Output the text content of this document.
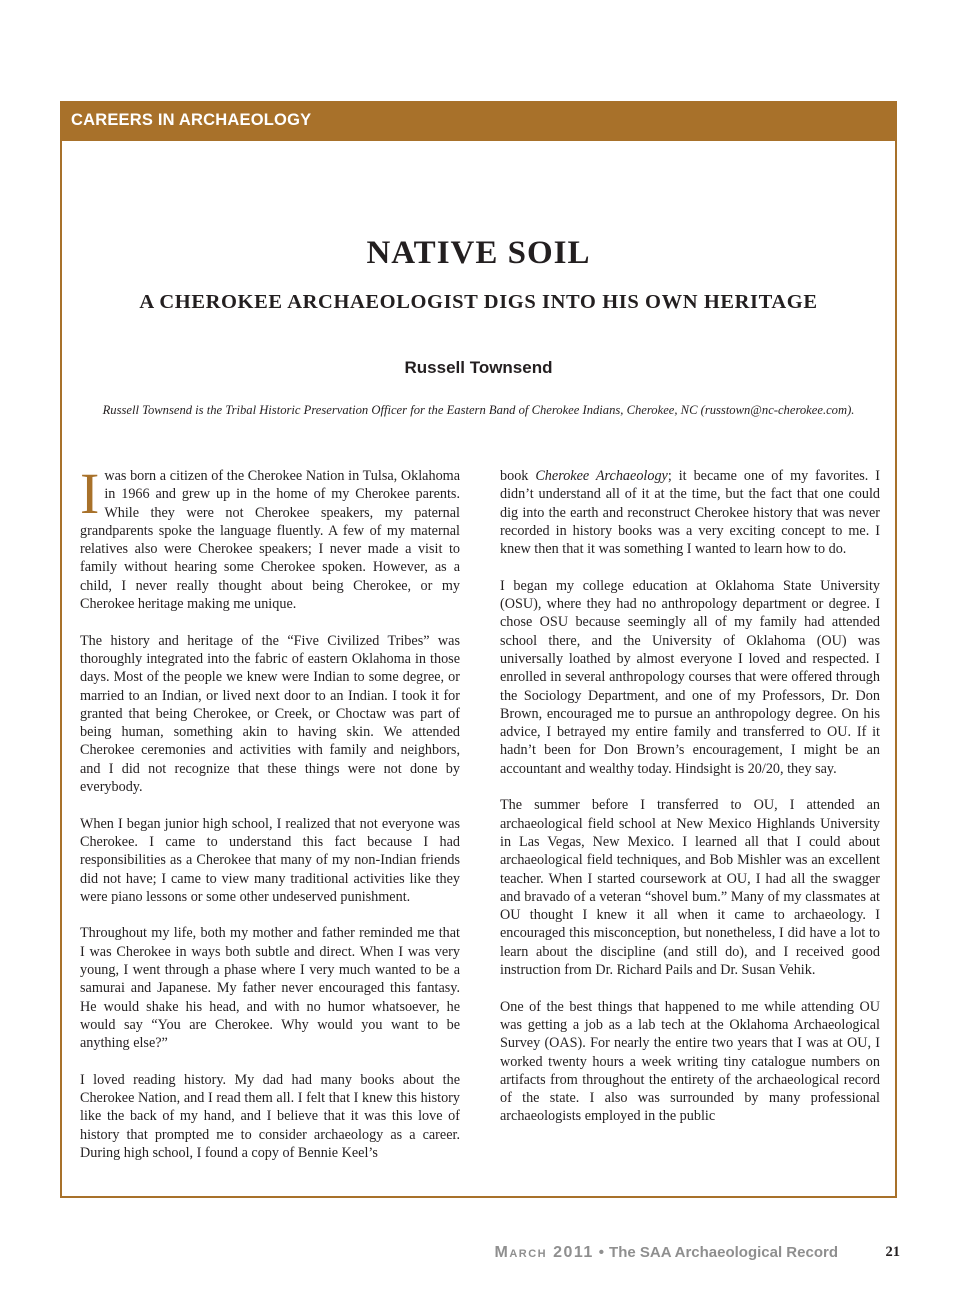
CAREERS IN ARCHAEOLOGY
NATIVE SOIL
A CHEROKEE ARCHAEOLOGIST DIGS INTO HIS OWN HERITAGE
Russell Townsend
Russell Townsend is the Tribal Historic Preservation Officer for the Eastern Band of Cherokee Indians, Cherokee, NC (russtown@nc-cherokee.com).

Iwas born a citizen of the Cherokee Nation in Tulsa, Oklahoma in 1966 and grew up in the home of my Cherokee parents. While they were not Cherokee speakers, my paternal grandparents spoke the language fluently. A few of my maternal relatives also were Cherokee speakers; I never made a visit to family without hearing some Cherokee spoken. However, as a child, I never really thought about being Cherokee, or my Cherokee heritage making me unique.

The history and heritage of the “Five Civilized Tribes” was thoroughly integrated into the fabric of eastern Oklahoma in those days. Most of the people we knew were Indian to some degree, or married to an Indian, or lived next door to an Indian. I took it for granted that being Cherokee, or Creek, or Choctaw was part of being human, something akin to having skin. We attended Cherokee ceremonies and activities with family and neighbors, and I did not recognize that these things were not done by everybody.

When I began junior high school, I realized that not everyone was Cherokee. I came to understand this fact because I had responsibilities as a Cherokee that many of my non-Indian friends did not have; I came to view many traditional activities like they were piano lessons or some other undeserved punishment.

Throughout my life, both my mother and father reminded me that I was Cherokee in ways both subtle and direct. When I was very young, I went through a phase where I very much wanted to be a samurai and Japanese. My father never encouraged this fantasy. He would shake his head, and with no humor whatsoever, he would say “You are Cherokee. Why would you want to be anything else?”

I loved reading history. My dad had many books about the Cherokee Nation, and I read them all. I felt that I knew this history like the back of my hand, and I believe that it was this love of history that prompted me to consider archaeology as a career. During high school, I found a copy of Bennie Keel’s

book Cherokee Archaeology; it became one of my favorites. I didn’t understand all of it at the time, but the fact that one could dig into the earth and reconstruct Cherokee history that was never recorded in history books was a very exciting concept to me. I knew then that it was something I wanted to learn how to do.

I began my college education at Oklahoma State University (OSU), where they had no anthropology department or degree. I chose OSU because seemingly all of my family had attended school there, and the University of Oklahoma (OU) was universally loathed by almost everyone I loved and respected. I enrolled in several anthropology courses that were offered through the Sociology Department, and one of my Professors, Dr. Don Brown, encouraged me to pursue an anthropology degree. On his advice, I betrayed my entire family and transferred to OU. If it hadn’t been for Don Brown’s encouragement, I might be an accountant and wealthy today. Hindsight is 20/20, they say.

The summer before I transferred to OU, I attended an archaeological field school at New Mexico Highlands University in Las Vegas, New Mexico. I learned all that I could about archaeological field techniques, and Bob Mishler was an excellent teacher. When I started coursework at OU, I had all the swagger and bravado of a veteran “shovel bum.” Many of my classmates at OU thought I knew it all when it came to archaeology. I encouraged this misconception, but nonetheless, I did have a lot to learn about the discipline (and still do), and I received good instruction from Dr. Richard Pails and Dr. Susan Vehik.

One of the best things that happened to me while attending OU was getting a job as a lab tech at the Oklahoma Archaeological Survey (OAS). For nearly the entire two years that I was at OU, I worked twenty hours a week writing tiny catalogue numbers on artifacts from throughout the entirety of the archaeological record of the state. I also was surrounded by many professional archaeologists employed in the public

March 2011 • The SAA Archaeological Record	21
